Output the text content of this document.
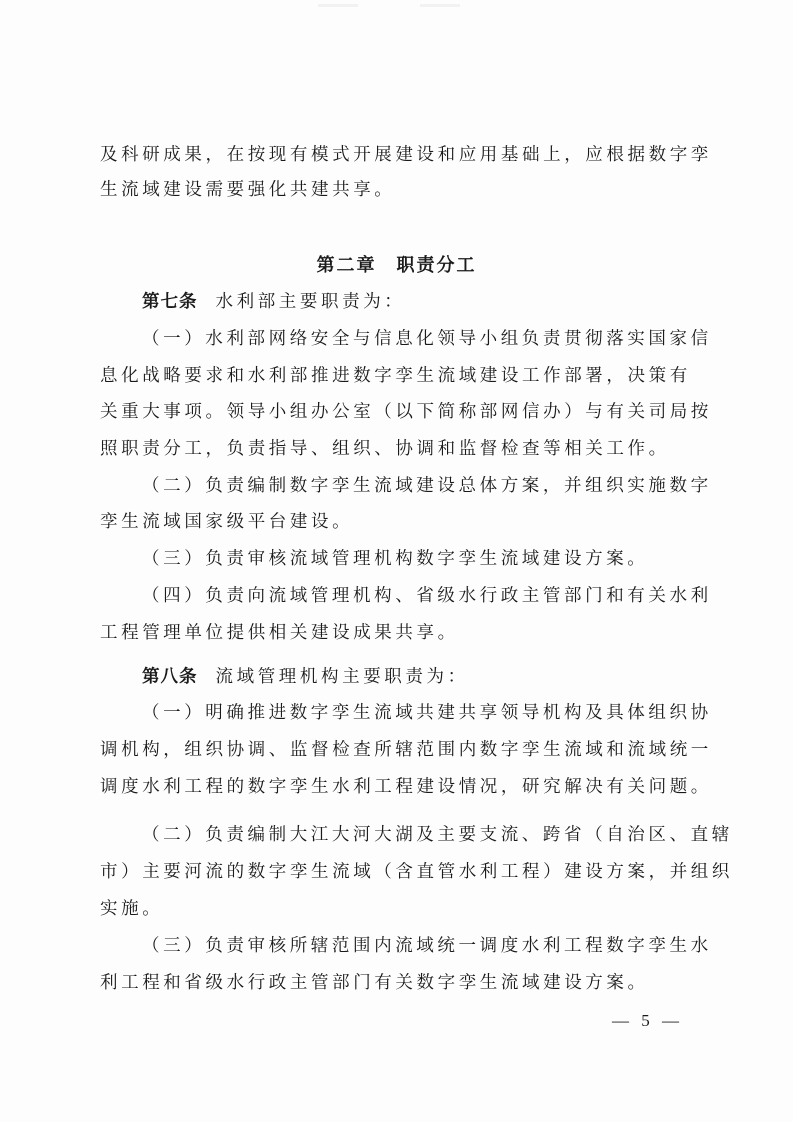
及科研成果，在按现有模式开展建设和应用基础上，应根据数字孪
生流域建设需要强化共建共享。
第二章　职责分工
第七条 水利部主要职责为：
（一）水利部网络安全与信息化领导小组负责贯彻落实国家信
息化战略要求和水利部推进数字孪生流域建设工作部署，决策有
关重大事项。领导小组办公室（以下简称部网信办）与有关司局按
照职责分工，负责指导、组织、协调和监督检查等相关工作。
（二）负责编制数字孪生流域建设总体方案，并组织实施数字
孪生流域国家级平台建设。
（三）负责审核流域管理机构数字孪生流域建设方案。
（四）负责向流域管理机构、省级水行政主管部门和有关水利
工程管理单位提供相关建设成果共享。
第八条 流域管理机构主要职责为：
（一）明确推进数字孪生流域共建共享领导机构及具体组织协
调机构，组织协调、监督检查所辖范围内数字孪生流域和流域统一
调度水利工程的数字孪生水利工程建设情况，研究解决有关问题。
（二）负责编制大江大河大湖及主要支流、跨省（自治区、直辖
市）主要河流的数字孪生流域（含直管水利工程）建设方案，并组织
实施。
（三）负责审核所辖范围内流域统一调度水利工程数字孪生水
利工程和省级水行政主管部门有关数字孪生流域建设方案。
— 5 —
